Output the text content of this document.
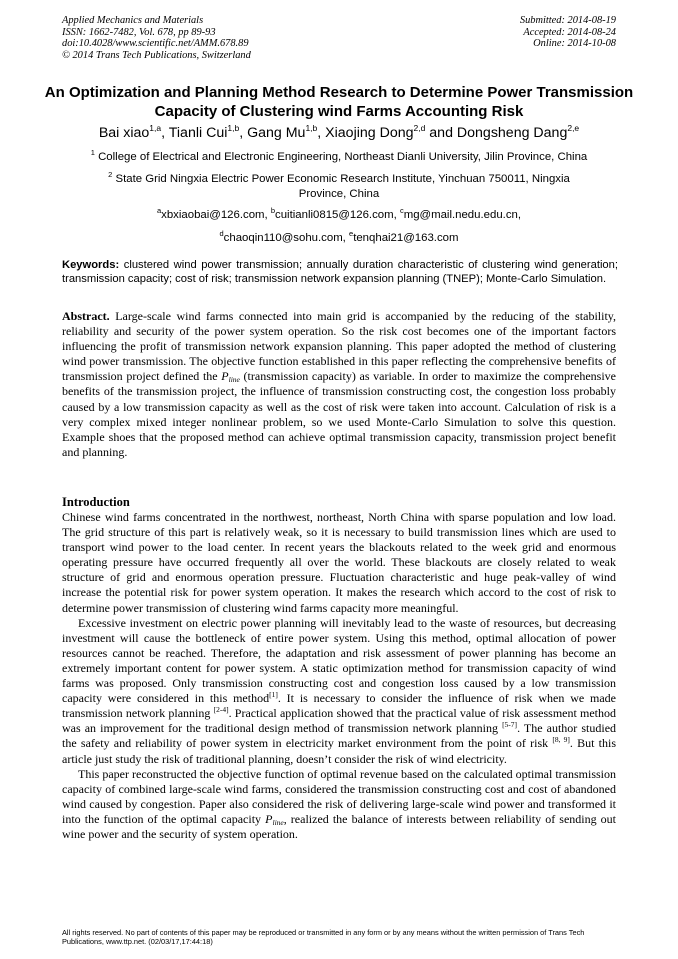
Applied Mechanics and Materials
ISSN: 1662-7482, Vol. 678, pp 89-93
doi:10.4028/www.scientific.net/AMM.678.89
© 2014 Trans Tech Publications, Switzerland
Submitted: 2014-08-19
Accepted: 2014-08-24
Online: 2014-10-08
An Optimization and Planning Method Research to Determine Power Transmission Capacity of Clustering wind Farms Accounting Risk
Bai xiao$^{1,a}$, Tianli Cui$^{1,b}$, Gang Mu$^{1,b}$, Xiaojing Dong$^{2,d}$ and Dongsheng Dang$^{2,e}$
$^1$ College of Electrical and Electronic Engineering, Northeast Dianli University, Jilin Province, China
$^2$ State Grid Ningxia Electric Power Economic Research Institute, Yinchuan 750011, Ningxia Province, China
$^a$xbxiaobai@126.com, $^b$cuitianli0815@126.com, $^c$mg@mail.nedu.edu.cn,
$^d$chaoqin110@sohu.com, $^e$tenqhai21@163.com
Keywords: clustered wind power transmission; annually duration characteristic of clustering wind generation; transmission capacity; cost of risk; transmission network expansion planning (TNEP); Monte-Carlo Simulation.
Abstract. Large-scale wind farms connected into main grid is accompanied by the reducing of the stability, reliability and security of the power system operation. So the risk cost becomes one of the important factors influencing the profit of transmission network expansion planning. This paper adopted the method of clustering wind power transmission. The objective function established in this paper reflecting the comprehensive benefits of transmission project defined the $P_{line}$ (transmission capacity) as variable. In order to maximize the comprehensive benefits of the transmission project, the influence of transmission constructing cost, the congestion loss probably caused by a low transmission capacity as well as the cost of risk were taken into account. Calculation of risk is a very complex mixed integer nonlinear problem, so we used Monte-Carlo Simulation to solve this question. Example shoes that the proposed method can achieve optimal transmission capacity, transmission project benefit and planning.
Introduction

Chinese wind farms concentrated in the northwest, northeast, North China with sparse population and low load. The grid structure of this part is relatively weak, so it is necessary to build transmission lines which are used to transport wind power to the load center. In recent years the blackouts related to the week grid and enormous operating pressure have occurred frequently all over the world. These blackouts are closely related to weak structure of grid and enormous operation pressure. Fluctuation characteristic and huge peak-valley of wind increase the potential risk for power system operation. It makes the research which accord to the cost of risk to determine power transmission of clustering wind farms capacity more meaningful.

Excessive investment on electric power planning will inevitably lead to the waste of resources, but decreasing investment will cause the bottleneck of entire power system. Using this method, optimal allocation of power resources cannot be reached. Therefore, the adaptation and risk assessment of power planning has become an extremely important content for power system. A static optimization method for transmission capacity of wind farms was proposed. Only transmission constructing cost and congestion loss caused by a low transmission capacity were considered in this method[1]. It is necessary to consider the influence of risk when we made transmission network planning [2-4]. Practical application showed that the practical value of risk assessment method was an improvement for the traditional design method of transmission network planning [5-7]. The author studied the safety and reliability of power system in electricity market environment from the point of risk [8, 9]. But this article just study the risk of traditional planning, doesn’t consider the risk of wind electricity.

This paper reconstructed the objective function of optimal revenue based on the calculated optimal transmission capacity of combined large-scale wind farms, considered the transmission constructing cost and cost of abandoned wind caused by congestion. Paper also considered the risk of delivering large-scale wind power and transformed it into the function of the optimal capacity $P_{line}$, realized the balance of interests between reliability of sending out wine power and the security of system operation.

All rights reserved. No part of contents of this paper may be reproduced or transmitted in any form or by any means without the written permission of Trans Tech Publications, www.ttp.net. (02/03/17,17:44:18)
